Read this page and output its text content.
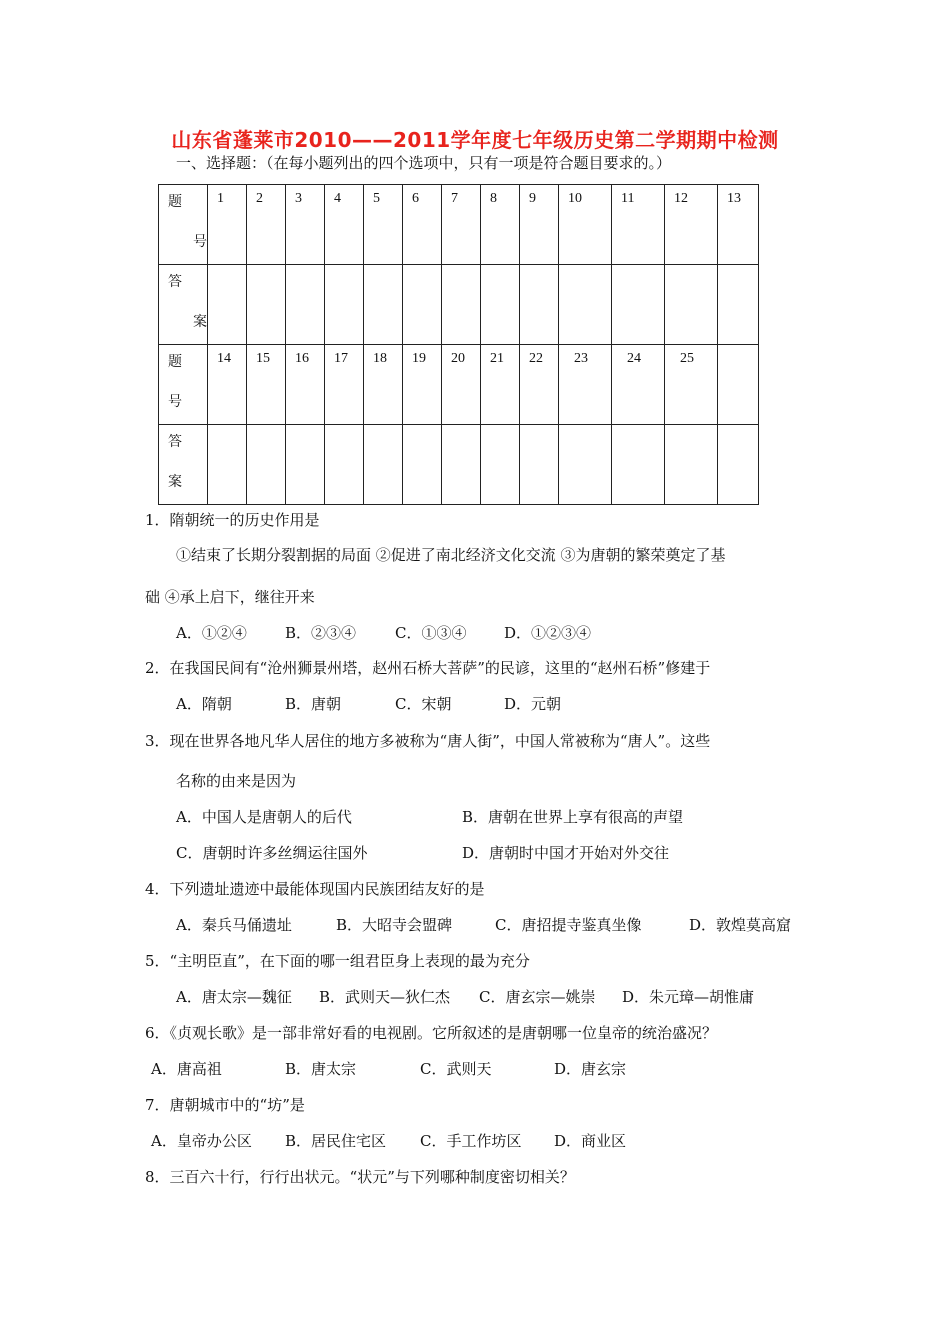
山东省蓬莱市2010——2011学年度七年级历史第二学期期中检测
一、选择题：（在每小题列出的四个选项中，只有一项是符合题目要求的。）
题
号	1	2	3	4	5	6	7	8	9	10	11	12	13

答
案													

题
号	14	15	16	17	18	19	20	21	22	23	24	25	

答
案													

1．隋朝统一的历史作用是
①结束了长期分裂割据的局面 ②促进了南北经济文化交流 ③为唐朝的繁荣奠定了基
础 ④承上启下，继往开来
A．①②④	B．②③④	C．①③④	D．①②③④
2．在我国民间有“沧州狮景州塔，赵州石桥大菩萨”的民谚，这里的“赵州石桥”修建于
A．隋朝	B．唐朝	C．宋朝	D．元朝
3．现在世界各地凡华人居住的地方多被称为“唐人街”，中国人常被称为“唐人”。这些
名称的由来是因为
A．中国人是唐朝人的后代	B．唐朝在世界上享有很高的声望
C．唐朝时许多丝绸运往国外	D．唐朝时中国才开始对外交往
4．下列遗址遗迹中最能体现国内民族团结友好的是
A．秦兵马俑遗址	B．大昭寺会盟碑	C．唐招提寺鉴真坐像	D．敦煌莫高窟
5．“主明臣直”，在下面的哪一组君臣身上表现的最为充分
A．唐太宗—魏征 B．武则天—狄仁杰 C．唐玄宗—姚崇 D．朱元璋—胡惟庸
6．《贞观长歌》是一部非常好看的电视剧。它所叙述的是唐朝哪一位皇帝的统治盛况？
A．唐高祖	B．唐太宗	C．武则天	D．唐玄宗
7．唐朝城市中的“坊”是
A．皇帝办公区 B．居民住宅区 C．手工作坊区 D．商业区
8．三百六十行，行行出状元。“状元”与下列哪种制度密切相关？
